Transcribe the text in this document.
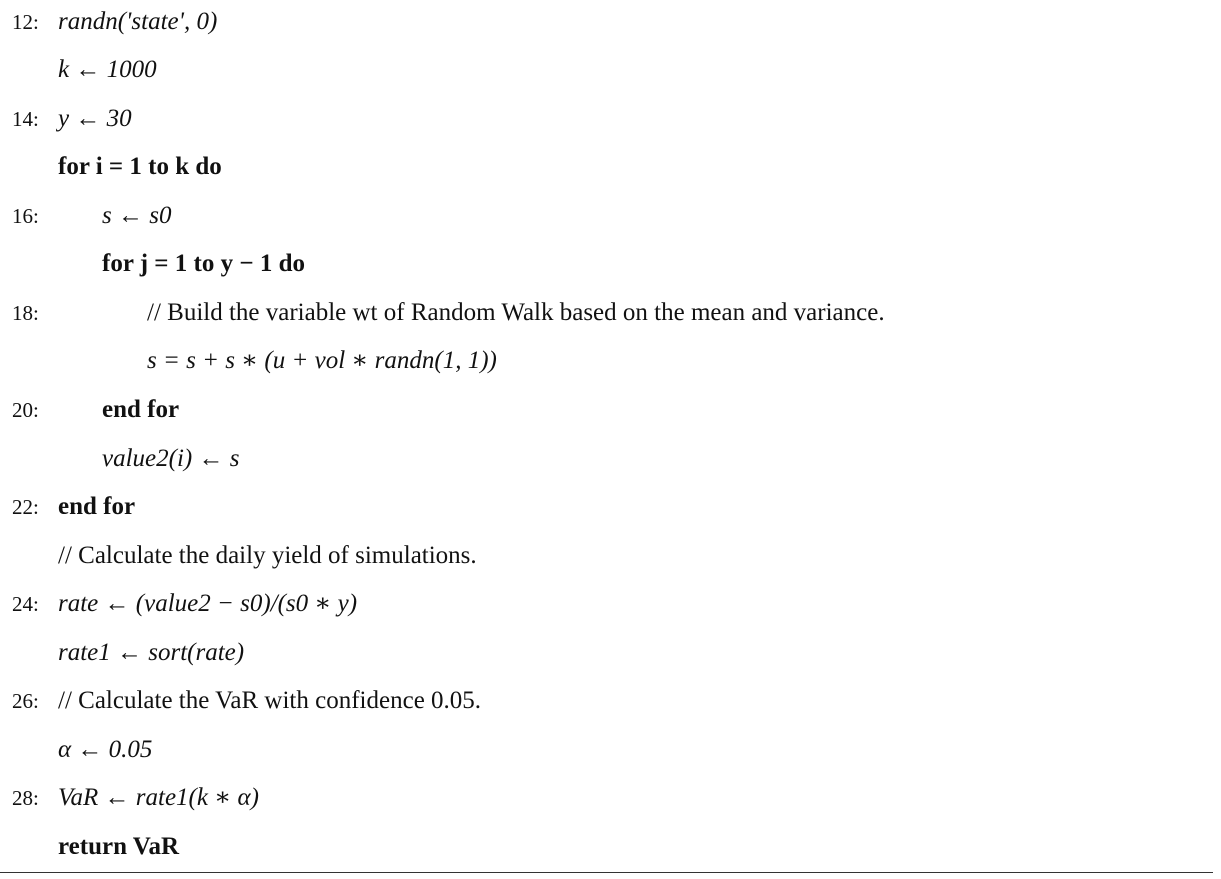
12: randn('state', 0)
k ← 1000
14: y ← 30
for i = 1 to k do
16:	s ← s0
for j = 1 to y − 1 do
18:	// Build the variable wt of Random Walk based on the mean and variance.
s = s + s ∗ (u + vol ∗ randn(1, 1))
20:	end for
value2(i) ← s
22: end for
// Calculate the daily yield of simulations.
24: rate ← (value2 − s0)/(s0 ∗ y)
rate1 ← sort(rate)
26: // Calculate the VaR with confidence 0.05.
α ← 0.05
28: VaR ← rate1(k ∗ α)
return VaR
